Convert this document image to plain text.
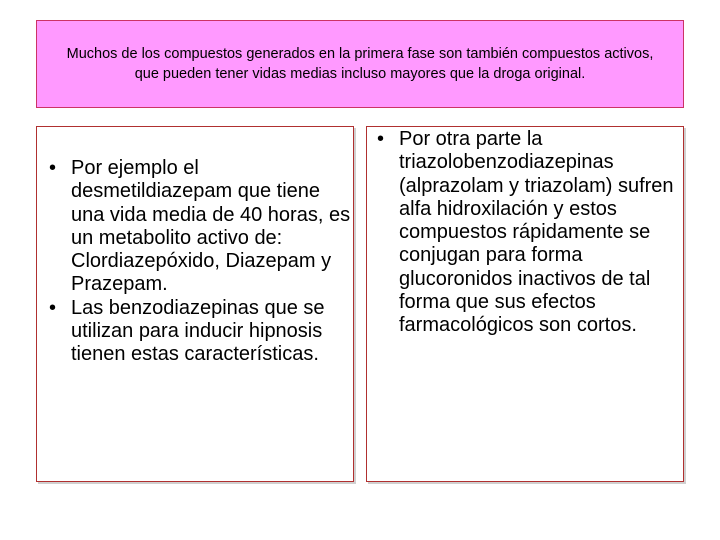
Muchos de los compuestos generados en la primera fase son también compuestos activos, que pueden tener vidas medias incluso mayores que la droga original.

• Por ejemplo el desmetildiazepam que tiene una vida media de 40 horas, es un metabolito activo de: Clordiazepóxido, Diazepam y Prazepam.
• Las benzodiazepinas que se utilizan para inducir hipnosis tienen estas características.
• Por otra parte la triazolobenzodiazepinas (alprazolam y triazolam) sufren alfa hidroxilación y estos compuestos rápidamente se conjugan para forma glucoronidos inactivos de tal forma que sus efectos farmacológicos son cortos.
